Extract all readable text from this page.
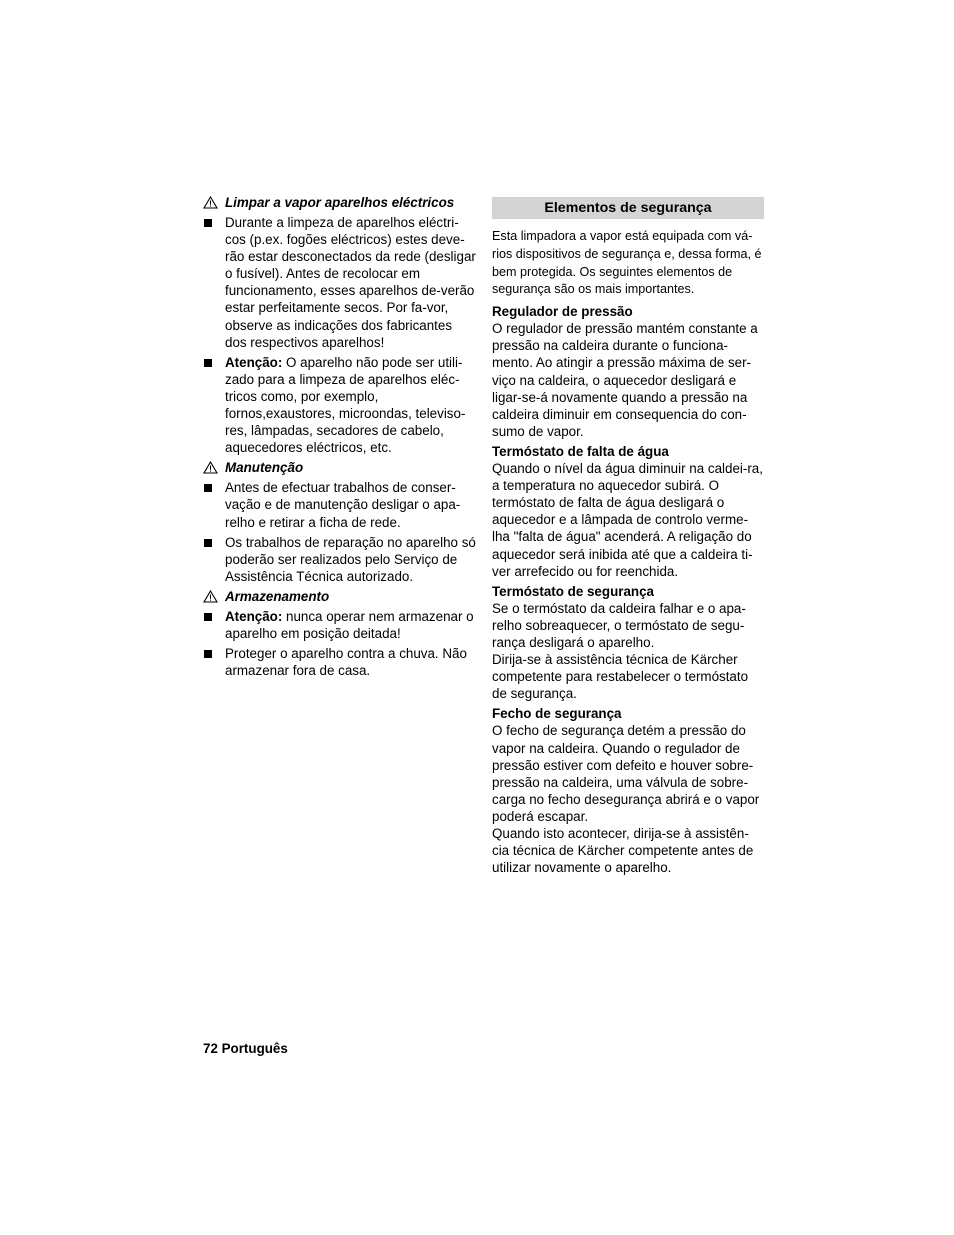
Limpar a vapor aparelhos eléctricos
Durante a limpeza de aparelhos eléctri-cos (p.ex. fogões eléctricos) estes deve-rão estar desconectados da rede (desligar o fusível). Antes de recolocar em funcionamento, esses aparelhos de-verão estar perfeitamente secos. Por fa-vor, observe as indicações dos fabricantes dos respectivos aparelhos!
Atenção: O aparelho não pode ser utili-zado para a limpeza de aparelhos eléc-tricos como, por exemplo, fornos,exaustores, microondas, televiso-res, lâmpadas, secadores de cabelo, aquecedores eléctricos, etc.
Manutenção
Antes de efectuar trabalhos de conser-vação e de manutenção desligar o apa-relho e retirar a ficha de rede.
Os trabalhos de reparação no aparelho só poderão ser realizados pelo Serviço de Assistência Técnica autorizado.
Armazenamento
Atenção: nunca operar nem armazenar o aparelho em posição deitada!
Proteger o aparelho contra a chuva. Não armazenar fora de casa.
Elementos de segurança

Esta limpadora a vapor está equipada com vá-rios dispositivos de segurança e, dessa forma, é bem protegida. Os seguintes elementos de segurança são os mais importantes.

Regulador de pressão

O regulador de pressão mantém constante a pressão na caldeira durante o funciona-mento. Ao atingir a pressão máxima de ser-viço na caldeira, o aquecedor desligará e ligar-se-á novamente quando a pressão na caldeira diminuir em consequencia do con-sumo de vapor.

Termóstato de falta de água

Quando o nível da água diminuir na caldei-ra, a temperatura no aquecedor subirá. O termóstato de falta de água desligará o aquecedor e a lâmpada de controlo verme-lha "falta de água" acenderá. A religação do aquecedor será inibida até que a caldeira ti-ver arrefecido ou for reenchida.

Termóstato de segurança

Se o termóstato da caldeira falhar e o apa-relho sobreaquecer, o termóstato de segu-rança desligará o aparelho.

Dirija-se à assistência técnica de Kärcher competente para restabelecer o termóstato de segurança.

Fecho de segurança

O fecho de segurança detém a pressão do vapor na caldeira. Quando o regulador de pressão estiver com defeito e houver sobre-pressão na caldeira, uma válvula de sobre-carga no fecho desegurança abrirá e o vapor poderá escapar.

Quando isto acontecer, dirija-se à assistên-cia técnica de Kärcher competente antes de utilizar novamente o aparelho.

72 Português
